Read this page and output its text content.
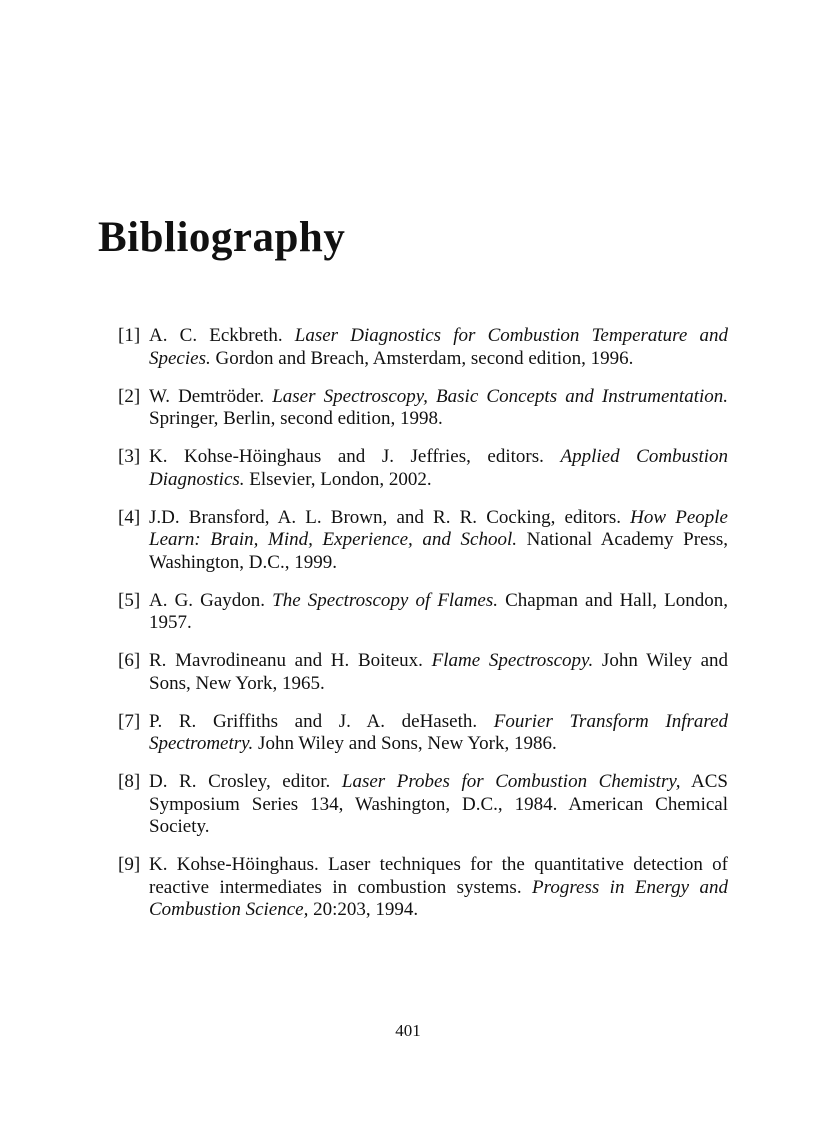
Bibliography
[1] A. C. Eckbreth. Laser Diagnostics for Combustion Temperature and Species. Gordon and Breach, Amsterdam, second edition, 1996.
[2] W. Demtröder. Laser Spectroscopy, Basic Concepts and Instrumentation. Springer, Berlin, second edition, 1998.
[3] K. Kohse-Höinghaus and J. Jeffries, editors. Applied Combustion Diagnostics. Elsevier, London, 2002.
[4] J.D. Bransford, A. L. Brown, and R. R. Cocking, editors. How People Learn: Brain, Mind, Experience, and School. National Academy Press, Washington, D.C., 1999.
[5] A. G. Gaydon. The Spectroscopy of Flames. Chapman and Hall, London, 1957.
[6] R. Mavrodineanu and H. Boiteux. Flame Spectroscopy. John Wiley and Sons, New York, 1965.
[7] P. R. Griffiths and J. A. deHaseth. Fourier Transform Infrared Spectrometry. John Wiley and Sons, New York, 1986.
[8] D. R. Crosley, editor. Laser Probes for Combustion Chemistry, ACS Symposium Series 134, Washington, D.C., 1984. American Chemical Society.
[9] K. Kohse-Höinghaus. Laser techniques for the quantitative detection of reactive intermediates in combustion systems. Progress in Energy and Combustion Science, 20:203, 1994.
401
